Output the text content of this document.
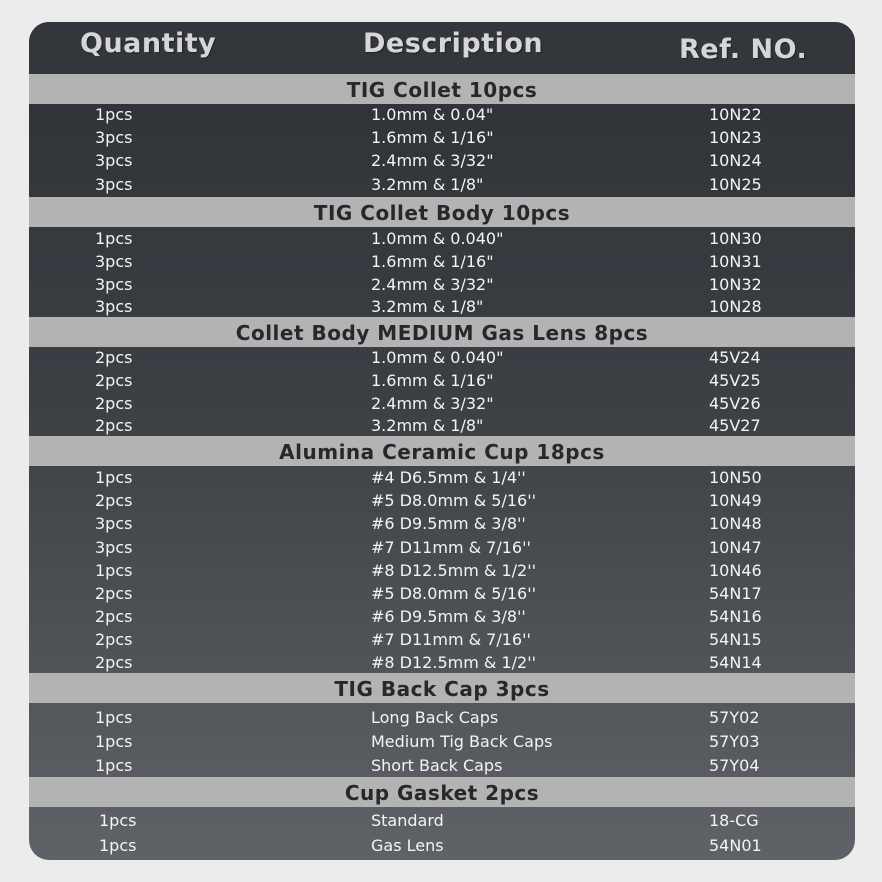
Quantity	Description	Ref. NO.
TIG Collet 10pcs
1pcs	1.0mm & 0.04"	10N22
3pcs	1.6mm & 1/16"	10N23
3pcs	2.4mm & 3/32"	10N24
3pcs	3.2mm & 1/8"	10N25
TIG Collet Body 10pcs
1pcs	1.0mm & 0.040"	10N30
3pcs	1.6mm & 1/16"	10N31
3pcs	2.4mm & 3/32"	10N32
3pcs	3.2mm & 1/8"	10N28
Collet Body MEDIUM Gas Lens 8pcs
2pcs	1.0mm & 0.040"	45V24
2pcs	1.6mm & 1/16"	45V25
2pcs	2.4mm & 3/32"	45V26
2pcs	3.2mm & 1/8"	45V27
Alumina Ceramic Cup 18pcs
1pcs	#4 D6.5mm & 1/4''	10N50
2pcs	#5 D8.0mm & 5/16''	10N49
3pcs	#6 D9.5mm & 3/8''	10N48
3pcs	#7 D11mm & 7/16''	10N47
1pcs	#8 D12.5mm & 1/2''	10N46
2pcs	#5 D8.0mm & 5/16''	54N17
2pcs	#6 D9.5mm & 3/8''	54N16
2pcs	#7 D11mm & 7/16''	54N15
2pcs	#8 D12.5mm & 1/2''	54N14
TIG Back Cap 3pcs
1pcs	Long Back Caps	57Y02
1pcs	Medium Tig Back Caps	57Y03
1pcs	Short Back Caps	57Y04
Cup Gasket 2pcs
1pcs	Standard	18-CG
1pcs	Gas Lens	54N01
